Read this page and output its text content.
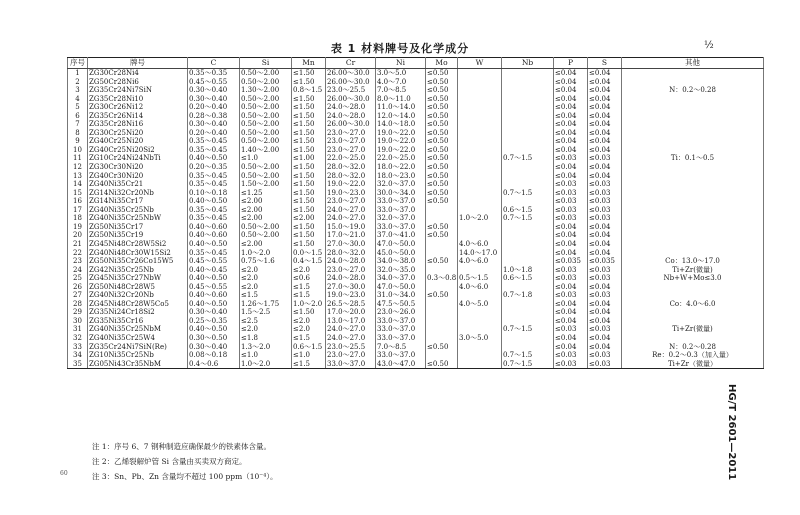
表 1 材料牌号及化学成分	½
序号	牌号	C	Si	Mn	Cr	Ni	Mo	W	Nb	P	S	其他
1	ZG30Cr28Ni4	0.35～0.35	0.50～2.00	≤1.50	26.00～30.0	3.0～5.0	≤0.50			≤0.04	≤0.04	
2	ZG50Cr28Ni6	0.45～0.55	0.50～2.00	≤1.50	26.00～30.0	4.0～7.0	≤0.50			≤0.04	≤0.04	
3	ZG35Cr24Ni7SiN	0.30～0.40	1.30～2.00	0.8～1.5	23.0～25.5	7.0～8.5	≤0.50			≤0.04	≤0.04	N：0.2～0.28
4	ZG35Cr28Ni10	0.30～0.40	0.50～2.00	≤1.50	26.00～30.0	8.0～11.0	≤0.50			≤0.04	≤0.04	
5	ZG30Cr26Ni12	0.20～0.40	0.50～2.00	≤1.50	24.0～28.0	11.0～14.0	≤0.50			≤0.04	≤0.04	
6	ZG35Cr26Ni14	0.28～0.38	0.50～2.00	≤1.50	24.0～28.0	12.0～14.0	≤0.50			≤0.04	≤0.04	
7	ZG35Cr28Ni16	0.30～0.40	0.50～2.00	≤1.50	26.00～30.0	14.0～18.0	≤0.50			≤0.04	≤0.04	
8	ZG30Cr25Ni20	0.20～0.40	0.50～2.00	≤1.50	23.0～27.0	19.0～22.0	≤0.50			≤0.04	≤0.04	
9	ZG40Cr25Ni20	0.35～0.45	0.50～2.00	≤1.50	23.0～27.0	19.0～22.0	≤0.50			≤0.04	≤0.04	
10	ZG40Cr25Ni20Si2	0.35～0.45	1.40～2.00	≤1.50	23.0～27.0	19.0～22.0	≤0.50			≤0.04	≤0.04	
11	ZG10Cr24Ni24NbTi	0.40～0.50	≤1.0	≤1.00	22.0～25.0	22.0～25.0	≤0.50		0.7～1.5	≤0.03	≤0.03	Ti：0.1～0.5
12	ZG30Cr30Ni20	0.20～0.35	0.50～2.00	≤1.50	28.0～32.0	18.0～22.0	≤0.50			≤0.04	≤0.04	
13	ZG40Cr30Ni20	0.35～0.45	0.50～2.00	≤1.50	28.0～32.0	18.0～23.0	≤0.50			≤0.04	≤0.04	
14	ZG40Ni35Cr21	0.35～0.45	1.50～2.00	≤1.50	19.0～22.0	32.0～37.0	≤0.50			≤0.03	≤0.03	
15	ZG14Ni32Cr20Nb	0.10～0.18	≤1.25	≤1.50	19.0～23.0	30.0～34.0	≤0.50		0.7～1.5	≤0.03	≤0.03	
16	ZG14Ni35Cr17	0.40～0.50	≤2.00	≤1.50	23.0～27.0	33.0～37.0	≤0.50			≤0.03	≤0.03	
17	ZG40Ni35Cr25Nb	0.35～0.45	≤2.00	≤1.50	24.0～27.0	33.0～37.0			0.6～1.5	≤0.03	≤0.03	
18	ZG40Ni35Cr25NbW	0.35～0.45	≤2.00	≤2.00	24.0～27.0	32.0～37.0		1.0～2.0	0.7～1.5	≤0.03	≤0.03	
19	ZG50Ni35Cr17	0.40～0.60	0.50～2.00	≤1.50	15.0～19.0	33.0～37.0	≤0.50			≤0.04	≤0.04	
20	ZG50Ni35Cr19	0.40～0.60	0.50～2.00	≤1.50	17.0～21.0	37.0～41.0	≤0.50			≤0.04	≤0.04	
21	ZG45Ni48Cr28W5Si2	0.40～0.50	≤2.00	≤1.50	27.0～30.0	47.0～50.0		4.0～6.0		≤0.04	≤0.04	
22	ZG40Ni48Cr30W15Si2	0.35～0.45	1.0～2.0	0.0～1.5	28.0～32.0	45.0～50.0		14.0～17.0		≤0.04	≤0.04	
23	ZG50Ni35Cr26Co15W5	0.45～0.55	0.75～1.6	0.4～1.5	24.0～28.0	34.0～38.0	≤0.50	4.0～6.0		≤0.035	≤0.035	Co：13.0～17.0
24	ZG42Ni35Cr25Nb	0.40～0.45	≤2.0	≤2.0	23.0～27.0	32.0～35.0			1.0～1.8	≤0.03	≤0.03	Ti+Zr(微量)
25	ZG45Ni35Cr27NbW	0.40～0.50	≤2.0	≤0.6	24.0～28.0	34.0～37.0	0.3～0.8	0.5～1.5	0.6～1.5	≤0.03	≤0.03	Nb+W+Mo≤3.0
26	ZG50Ni48Cr28W5	0.45～0.55	≤2.0	≤1.5	27.0～30.0	47.0～50.0		4.0～6.0		≤0.04	≤0.04	
27	ZG40Ni32Cr20Nb	0.40～0.60	≤1.5	≤1.5	19.0～23.0	31.0～34.0	≤0.50		0.7～1.8	≤0.03	≤0.03	
28	ZG45Ni48Cr28W5Co5	0.40～0.50	1.26～1.75	1.0～2.0	26.5～28.5	47.5～50.5		4.0～5.0		≤0.04	≤0.04	Co：4.0～6.0
29	ZG35Ni24Cr18Si2	0.30～0.40	1.5～2.5	≤1.50	17.0～20.0	23.0～26.0				≤0.04	≤0.04	
30	ZG35Ni35Cr16	0.25～0.35	≤2.5	≤2.0	13.0～17.0	33.0～37.0				≤0.04	≤0.04	
31	ZG40Ni35Cr25NbM	0.40～0.50	≤2.0	≤2.0	24.0～27.0	33.0～37.0			0.7～1.5	≤0.03	≤0.03	Ti+Zr(微量)
32	ZG40Ni35Cr25W4	0.30～0.50	≤1.8	≤1.5	24.0～27.0	33.0～37.0		3.0～5.0		≤0.04	≤0.04	
33	ZG35Cr24Ni7SiN(Re)	0.30～0.40	1.3～2.0	0.6～1.5	23.0～25.5	7.0～8.5	≤0.50			≤0.04	≤0.04	N：0.2～0.28
34	ZG10Ni35Cr25Nb	0.08～0.18	≤1.0	≤1.0	23.0～27.0	33.0～37.0			0.7～1.5	≤0.03	≤0.03	Re：0.2～0.3（加入量）
35	ZG05Ni43Cr35NbM	0.4～0.6	1.0～2.0	≤1.5	33.0～37.0	43.0～47.0	≤0.50		0.7～1.5	≤0.03	≤0.03	Ti+Zr（微量）
注 1：序号 6、7 钢种制造应确保最少的铁素体含量。
注 2：乙烯裂解炉管 Si 含量由买卖双方商定。
注 3：Sn、Pb、Zn 含量均不超过 100 ppm（10⁻⁴）。	HG/T 2601—2011
60
